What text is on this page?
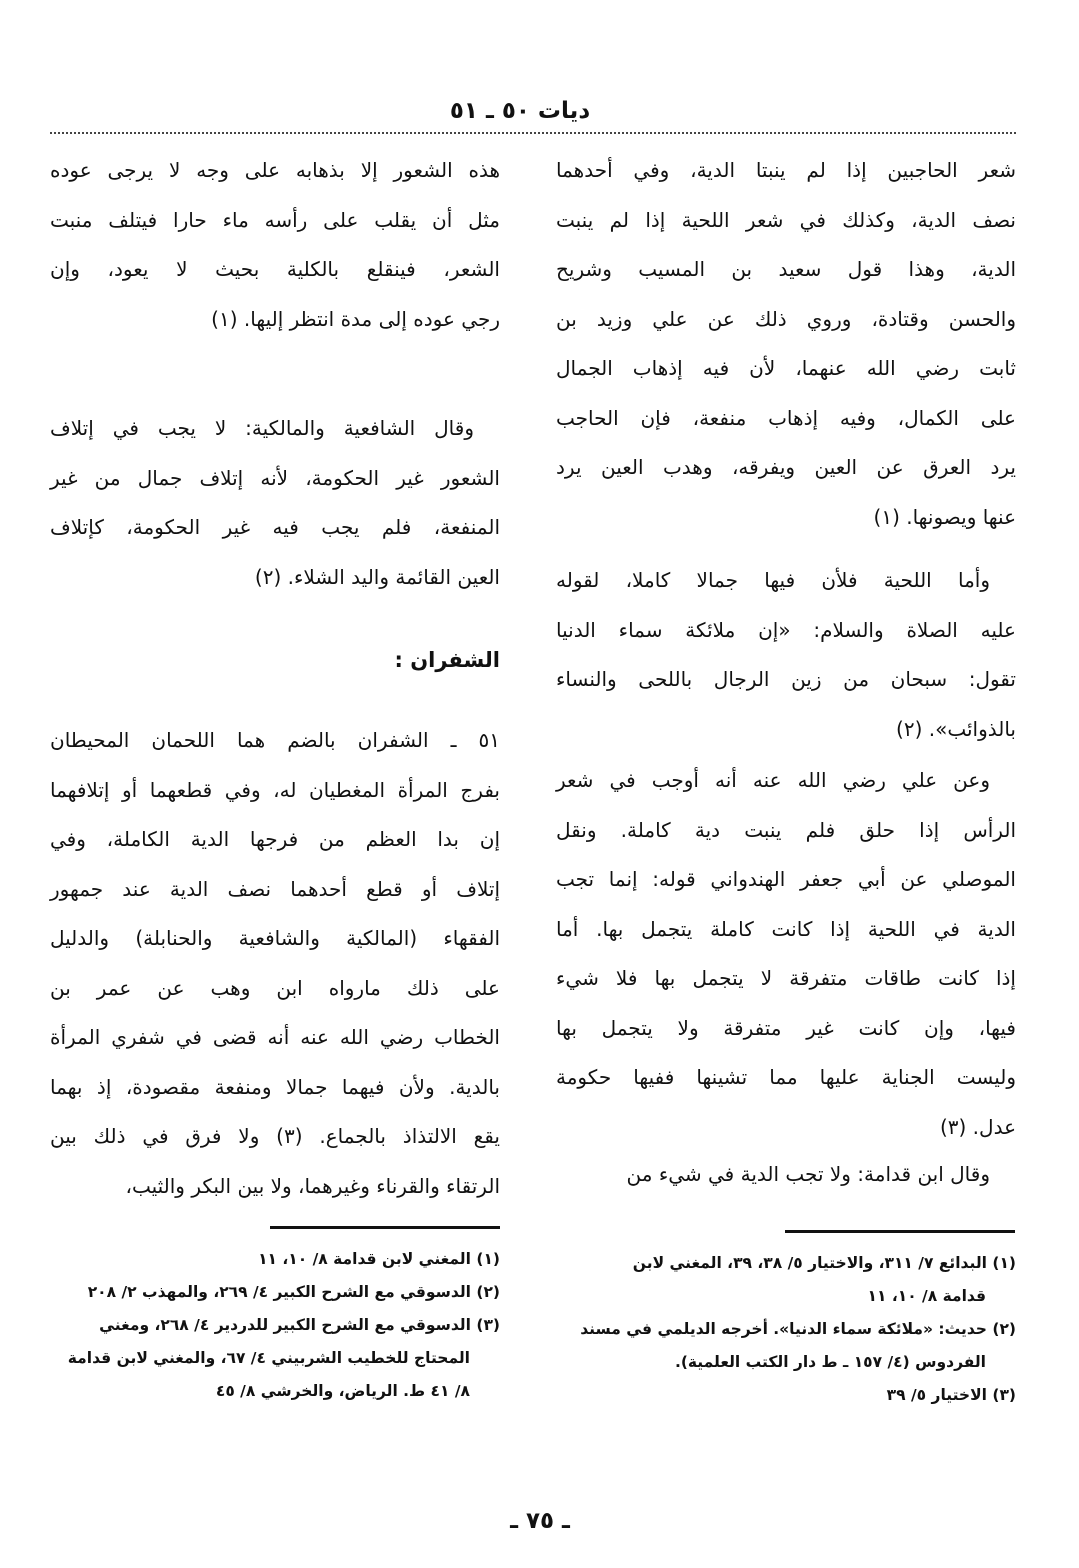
ديات ٥٠ ـ ٥١
شعر الحاجبين إذا لم ينبتا الدية، وفي أحدهما
نصف الدية، وكذلك في شعر اللحية إذا لم ينبت
الدية، وهذا قول سعيد بن المسيب وشريح
والحسن وقتادة، وروي ذلك عن علي وزيد بن
ثابت رضي الله عنهما، لأن فيه إذهاب الجمال
على الكمال، وفيه إذهاب منفعة، فإن الحاجب
يرد العرق عن العين ويفرقه، وهدب العين يرد
عنها ويصونها. (١)
وأما اللحية فلأن فيها جمالا كاملا، لقوله
عليه الصلاة والسلام: «إن ملائكة سماء الدنيا
تقول: سبحان من زين الرجال باللحى والنساء
بالذوائب». (٢)
وعن علي رضي الله عنه أنه أوجب في شعر
الرأس إذا حلق فلم ينبت دية كاملة. ونقل
الموصلي عن أبي جعفر الهندواني قوله: إنما تجب
الدية في اللحية إذا كانت كاملة يتجمل بها. أما
إذا كانت طاقات متفرقة لا يتجمل بها فلا شيء
فيها، وإن كانت غير متفرقة ولا يتجمل بها
وليست الجناية عليها مما تشينها ففيها حكومة
عدل. (٣)
وقال ابن قدامة: ولا تجب الدية في شيء من
هذه الشعور إلا بذهابه على وجه لا يرجى عوده
مثل أن يقلب على رأسه ماء حارا فيتلف منبت
الشعر، فينقلع بالكلية بحيث لا يعود، وإن
رجي عوده إلى مدة انتظر إليها. (١)
وقال الشافعية والمالكية: لا يجب في إتلاف
الشعور غير الحكومة، لأنه إتلاف جمال من غير
المنفعة، فلم يجب فيه غير الحكومة، كإتلاف
العين القائمة واليد الشلاء. (٢)
الشفران :
٥١ ـ الشفران بالضم هما اللحمان المحيطان
بفرج المرأة المغطيان له، وفي قطعهما أو إتلافهما
إن بدا العظم من فرجها الدية الكاملة، وفي
إتلاف أو قطع أحدهما نصف الدية عند جمهور
الفقهاء (المالكية والشافعية والحنابلة) والدليل
على ذلك مارواه ابن وهب عن عمر بن
الخطاب رضي الله عنه أنه قضى في شفري المرأة
بالدية. ولأن فيهما جمالا ومنفعة مقصودة، إذ بهما
يقع الالتذاذ بالجماع. (٣) ولا فرق في ذلك بين
الرتقاء والقرناء وغيرهما، ولا بين البكر والثيب،
(١) البدائع ٧/ ٣١١، والاختيار ٥/ ٣٨، ٣٩، المغني لابن
قدامة ٨/ ١٠، ١١
(٢) حديث: «ملائكة سماء الدنيا». أخرجه الديلمي في مسند
الفردوس (٤/ ١٥٧ ـ ط دار الكتب العلمية).
(٣) الاختيار ٥/ ٣٩
(١) المغني لابن قدامة ٨/ ١٠، ١١
(٢) الدسوقي مع الشرح الكبير ٤/ ٢٦٩، والمهذب ٢/ ٢٠٨
(٣) الدسوقي مع الشرح الكبير للدردير ٤/ ٢٦٨، ومغني
المحتاج للخطيب الشربيني ٤/ ٦٧، والمغني لابن قدامة
٨/ ٤١ ط. الرياض، والخرشي ٨/ ٤٥
ـ ٧٥ ـ
